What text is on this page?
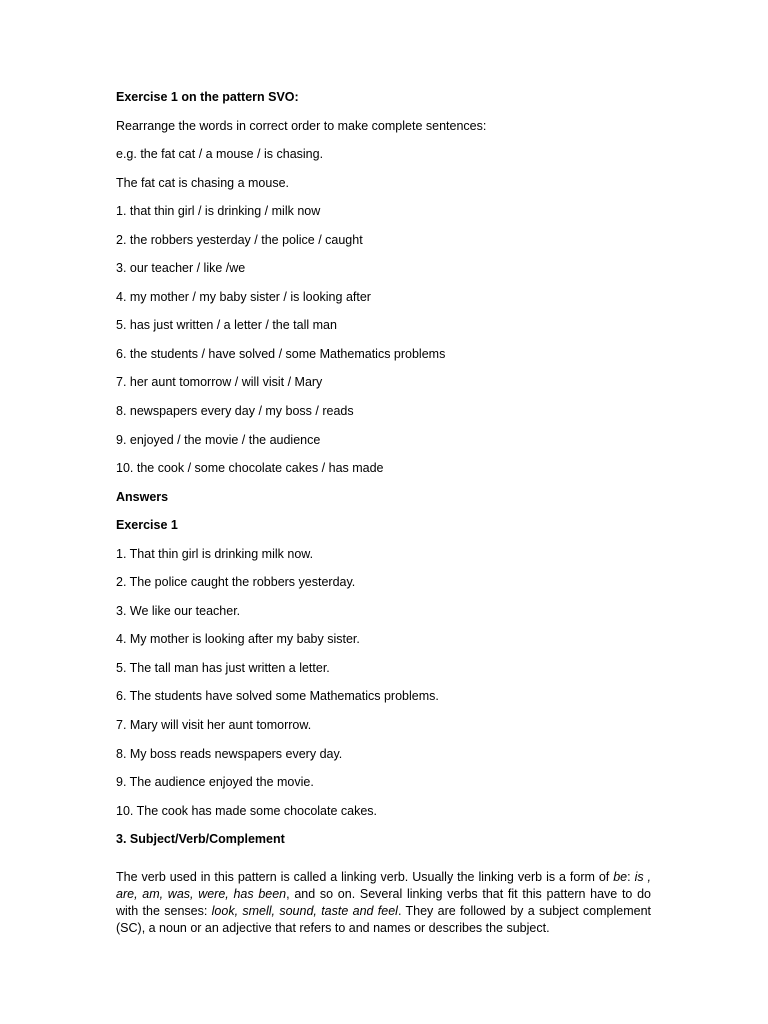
Exercise 1 on the pattern SVO:
Rearrange the words in correct order to make complete sentences:
e.g. the fat cat / a mouse / is chasing.
The fat cat is chasing a mouse.
1. that thin girl / is drinking / milk now
2. the robbers yesterday / the police / caught
3. our teacher / like /we
4. my mother / my baby sister / is looking after
5. has just written / a letter / the tall man
6. the students / have solved / some Mathematics problems
7. her aunt tomorrow / will visit / Mary
8. newspapers every day / my boss / reads
9. enjoyed / the movie / the audience
10. the cook / some chocolate cakes / has made
Answers
Exercise 1
1. That thin girl is drinking milk now.
2. The police caught the robbers yesterday.
3. We like our teacher.
4. My mother is looking after my baby sister.
5. The tall man has just written a letter.
6. The students have solved some Mathematics problems.
7. Mary will visit her aunt tomorrow.
8. My boss reads newspapers every day.
9. The audience enjoyed the movie.
10. The cook has made some chocolate cakes.
3. Subject/Verb/Complement

The verb used in this pattern is called a linking verb. Usually the linking verb is a form of be: is , are, am, was, were, has been, and so on. Several linking verbs that fit this pattern have to do with the senses: look, smell, sound, taste and feel. They are followed by a subject complement (SC), a noun or an adjective that refers to and names or describes the subject.
